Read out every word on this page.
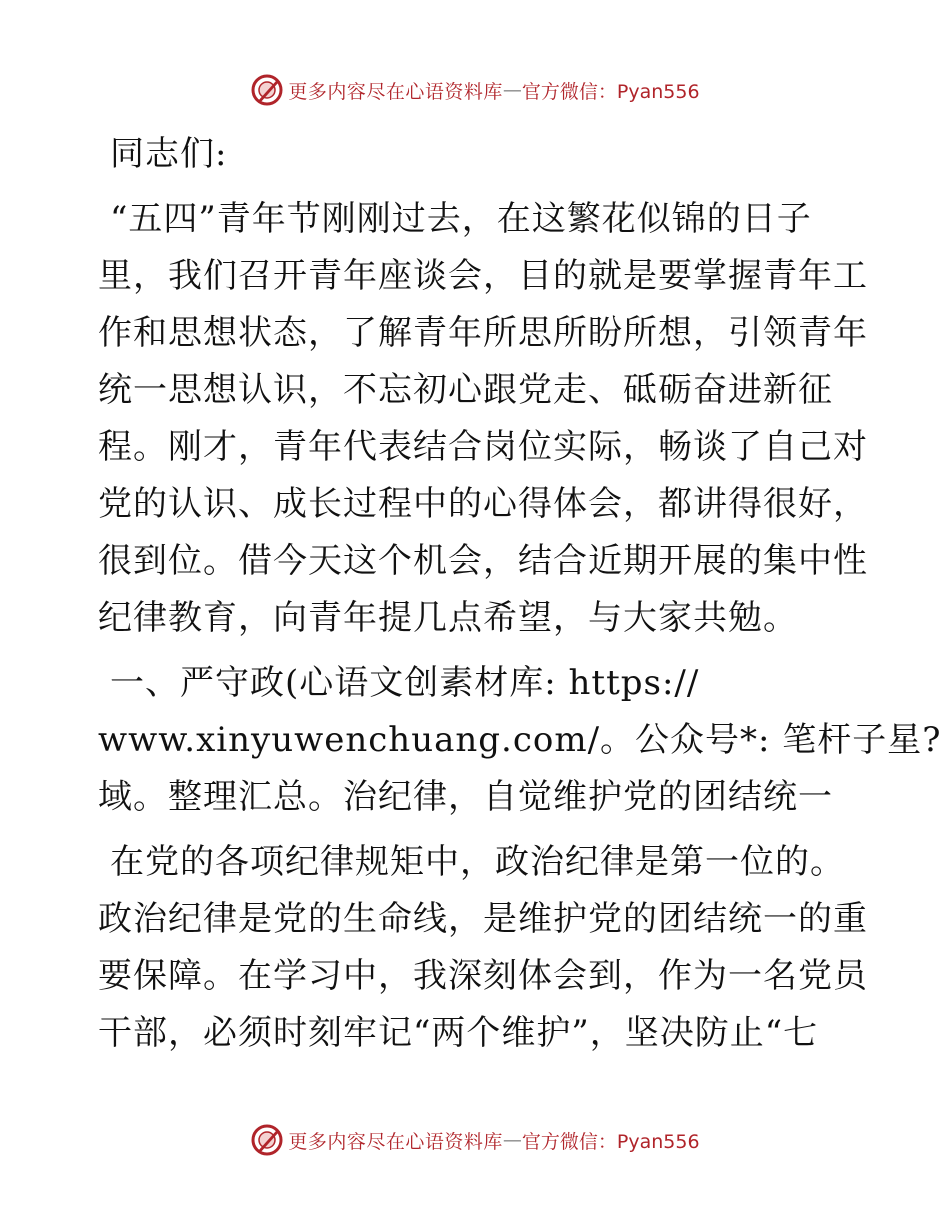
更多内容尽在心语资料库 — 官方微信：Pyan556
同志们:
“五四”青年节刚刚过去，在这繁花似锦的日子
里，我们召开青年座谈会，目的就是要掌握青年工
作和思想状态，了解青年所思所盼所想，引领青年
统一思想认识，不忘初心跟党走、砥砺奋进新征
程。刚才，青年代表结合岗位实际，畅谈了自己对
党的认识、成长过程中的心得体会，都讲得很好，
很到位。借今天这个机会，结合近期开展的集中性
纪律教育，向青年提几点希望，与大家共勉。
一、严守政(心语文创素材库: https://
www.xinyuwenchuang.com/。公众号*: 笔杆子星?
域。整理汇总。治纪律，自觉维护党的团结统一
在党的各项纪律规矩中，政治纪律是第一位的。
政治纪律是党的生命线，是维护党的团结统一的重
要保障。在学习中，我深刻体会到，作为一名党员
干部，必须时刻牢记“两个维护”，坚决防止“七
更多内容尽在心语资料库 — 官方微信：Pyan556
